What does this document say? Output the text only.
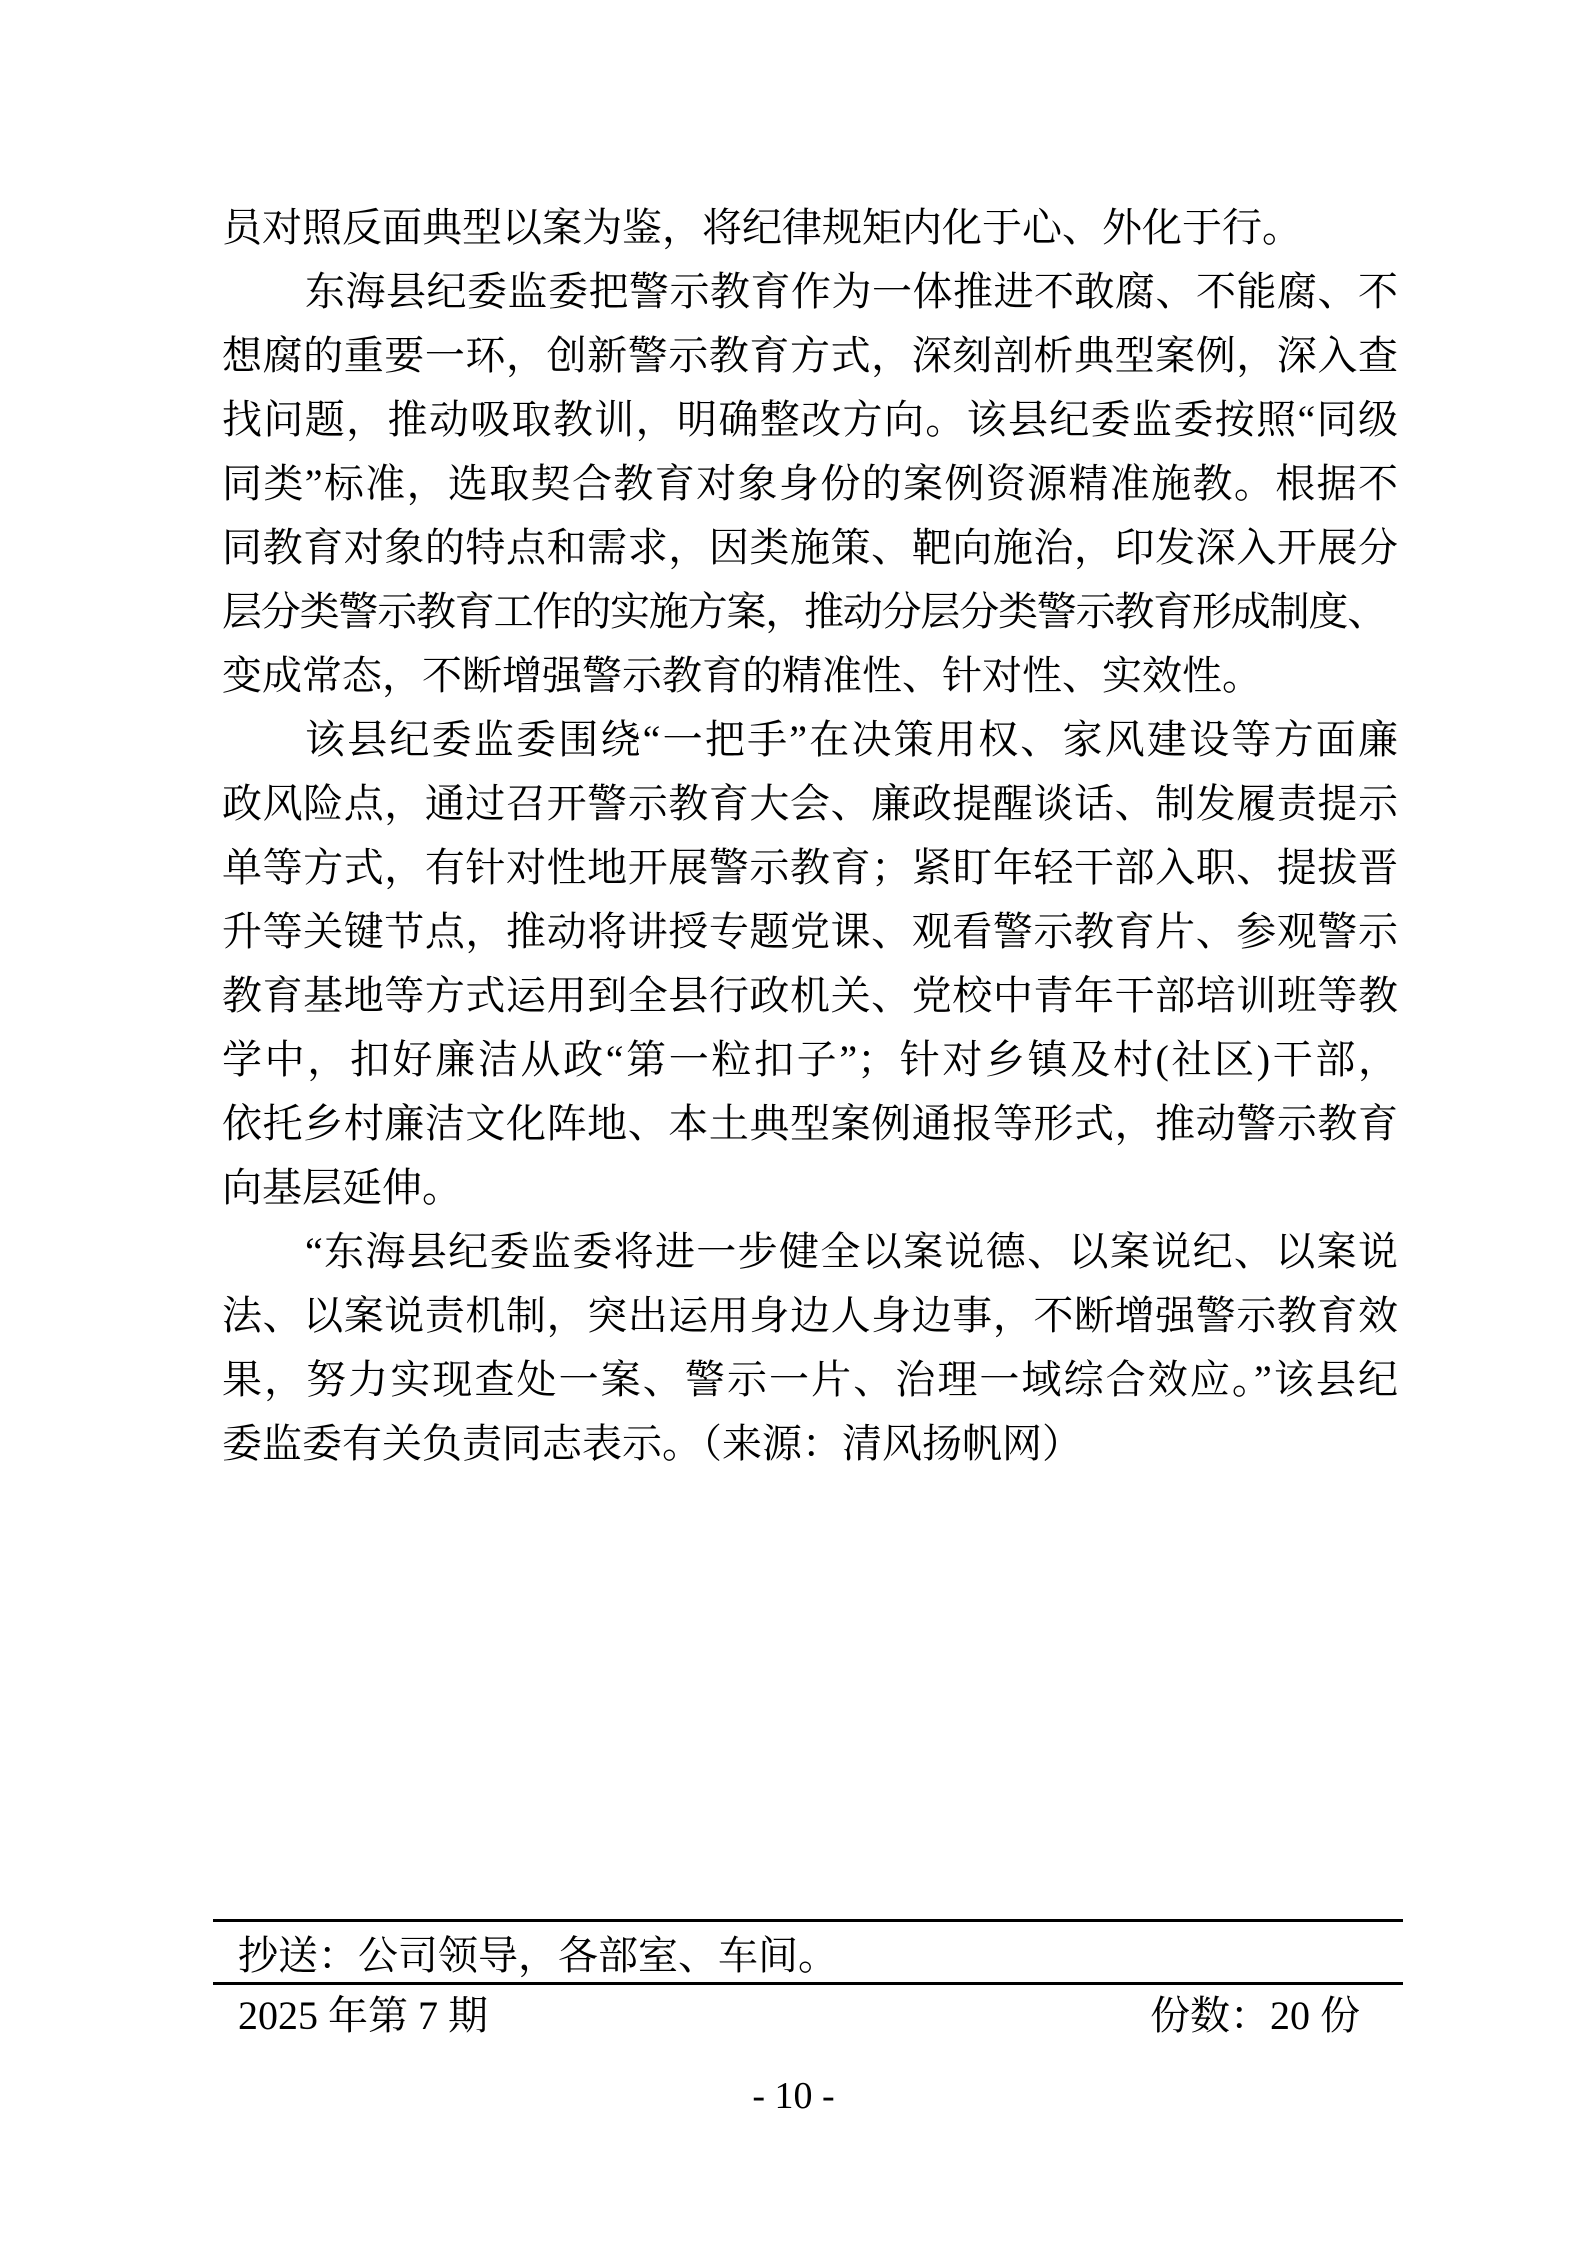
员对照反面典型以案为鉴，将纪律规矩内化于心、外化于行。
东海县纪委监委把警示教育作为一体推进不敢腐、不能腐、不
想腐的重要一环，创新警示教育方式，深刻剖析典型案例，深入查
找问题，推动吸取教训，明确整改方向。该县纪委监委按照“同级
同类”标准，选取契合教育对象身份的案例资源精准施教。根据不
同教育对象的特点和需求，因类施策、靶向施治，印发深入开展分
层分类警示教育工作的实施方案，推动分层分类警示教育形成制度、
变成常态，不断增强警示教育的精准性、针对性、实效性。
该县纪委监委围绕“一把手”在决策用权、家风建设等方面廉
政风险点，通过召开警示教育大会、廉政提醒谈话、制发履责提示
单等方式，有针对性地开展警示教育；紧盯年轻干部入职、提拔晋
升等关键节点，推动将讲授专题党课、观看警示教育片、参观警示
教育基地等方式运用到全县行政机关、党校中青年干部培训班等教
学中，扣好廉洁从政“第一粒扣子”；针对乡镇及村(社区)干部，
依托乡村廉洁文化阵地、本土典型案例通报等形式，推动警示教育
向基层延伸。
“东海县纪委监委将进一步健全以案说德、以案说纪、以案说
法、以案说责机制，突出运用身边人身边事，不断增强警示教育效
果，努力实现查处一案、警示一片、治理一域综合效应。”该县纪
委监委有关负责同志表示。（来源：清风扬帆网）
抄送：公司领导，各部室、车间。
2025 年第 7 期	份数：20 份
- 10 -
